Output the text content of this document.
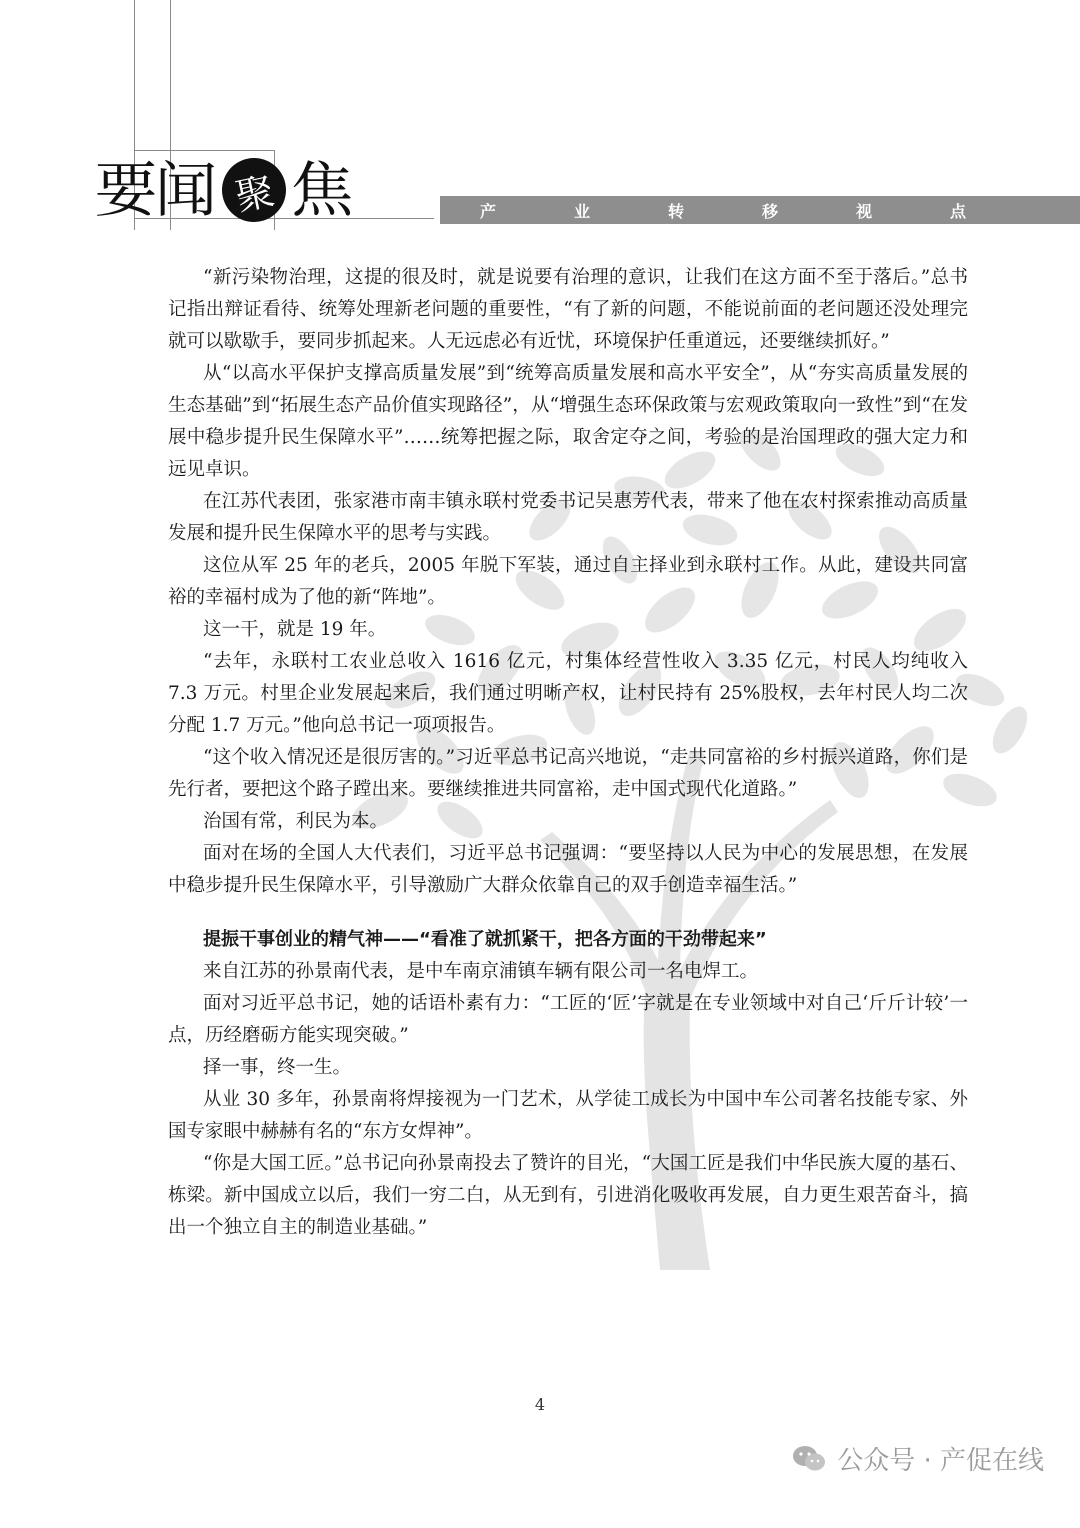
要
闻 聚 焦	产业转移视点

“新污染物治理，这提的很及时，就是说要有治理的意识，让我们在这方面不至于落后。”总书记指出辩证看待、统筹处理新老问题的重要性，“有了新的问题，不能说前面的老问题还没处理完就可以歇歇手，要同步抓起来。人无远虑必有近忧，环境保护任重道远，还要继续抓好。”

从“以高水平保护支撑高质量发展”到“统筹高质量发展和高水平安全”，从“夯实高质量发展的生态基础”到“拓展生态产品价值实现路径”，从“增强生态环保政策与宏观政策取向一致性”到“在发展中稳步提升民生保障水平”……统筹把握之际，取舍定夺之间，考验的是治国理政的强大定力和远见卓识。

在江苏代表团，张家港市南丰镇永联村党委书记吴惠芳代表，带来了他在农村探索推动高质量发展和提升民生保障水平的思考与实践。

这位从军 25 年的老兵，2005 年脱下军装，通过自主择业到永联村工作。从此，建设共同富裕的幸福村成为了他的新“阵地”。

这一干，就是 19 年。

“去年，永联村工农业总收入 1616 亿元，村集体经营性收入 3.35 亿元，村民人均纯收入 7.3 万元。村里企业发展起来后，我们通过明晰产权，让村民持有 25%股权，去年村民人均二次分配 1.7 万元。”他向总书记一项项报告。

“这个收入情况还是很厉害的。”习近平总书记高兴地说，“走共同富裕的乡村振兴道路，你们是先行者，要把这个路子蹚出来。要继续推进共同富裕，走中国式现代化道路。”

治国有常，利民为本。

面对在场的全国人大代表们，习近平总书记强调：“要坚持以人民为中心的发展思想，在发展中稳步提升民生保障水平，引导激励广大群众依靠自己的双手创造幸福生活。”

提振干事创业的精气神——“看准了就抓紧干，把各方面的干劲带起来”

来自江苏的孙景南代表，是中车南京浦镇车辆有限公司一名电焊工。

面对习近平总书记，她的话语朴素有力：“工匠的‘匠’字就是在专业领域中对自己‘斤斤计较’一点，历经磨砺方能实现突破。”

择一事，终一生。

从业 30 多年，孙景南将焊接视为一门艺术，从学徒工成长为中国中车公司著名技能专家、外国专家眼中赫赫有名的“东方女焊神”。

“你是大国工匠。”总书记向孙景南投去了赞许的目光，“大国工匠是我们中华民族大厦的基石、栋梁。新中国成立以后，我们一穷二白，从无到有，引进消化吸收再发展，自力更生艰苦奋斗，搞出一个独立自主的制造业基础。”

4
公众号 · 产促在线
